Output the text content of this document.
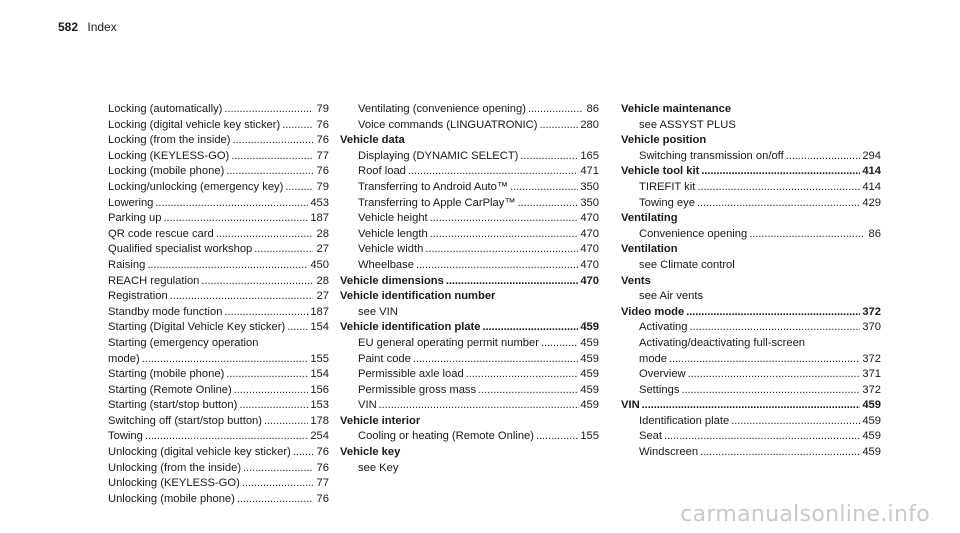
582 Index
Locking (automatically) . . .	79
Locking (digital vehicle key sticker) . . .	76
Locking (from the inside) . . .	76
Locking (KEYLESS-GO) . . .	77
Locking (mobile phone) . . .	76
Locking/unlocking (emergency key) . . .	79
Lowering . . .	453
Parking up . . .	187
QR code rescue card . . .	28
Qualified specialist workshop . . .	27
Raising . . .	450
REACH regulation . . .	28
Registration . . .	27
Standby mode function . . .	187
Starting (Digital Vehicle Key sticker) . . . 154
Starting (emergency operation
mode) . . .	155
Starting (mobile phone) . . .	154
Starting (Remote Online) . . .	156
Starting (start/stop button) . . .	153
Switching off (start/stop button) . . .	178
Towing . . .	254
Unlocking (digital vehicle key sticker) . . . 76
Unlocking (from the inside) . . .	76
Unlocking (KEYLESS-GO) . . .	77
Unlocking (mobile phone) . . .	76
Ventilating (convenience opening) . . .	86
Voice commands (LINGUATRONIC) . . .	280
Vehicle data
Displaying (DYNAMIC SELECT) . . .	165
Roof load . . .	471
Transferring to Android Auto™ . . .	350
Transferring to Apple CarPlay™ . . .	350
Vehicle height . . .	470
Vehicle length . . .	470
Vehicle width . . .	470
Wheelbase . . .	470
Vehicle dimensions . . .	470
Vehicle identification number
see VIN
Vehicle identification plate . . .	459
EU general operating permit number . . .	459
Paint code . . .	459
Permissible axle load . . .	459
Permissible gross mass . . .	459
VIN . . .	459
Vehicle interior
Cooling or heating (Remote Online) . . .	155
Vehicle key
see Key
Vehicle maintenance
see ASSYST PLUS
Vehicle position
Switching transmission on/off . . .	294
Vehicle tool kit . . .	414
TIREFIT kit . . .	414
Towing eye . . .	429
Ventilating
Convenience opening . . .	86
Ventilation
see Climate control
Vents
see Air vents
Video mode . . .	372
Activating . . .	370
Activating/deactivating full-screen
mode . . .	372
Overview . . .	371
Settings . . .	372
VIN . . .	459
Identification plate . . .	459
Seat . . .	459
Windscreen . . .	459
carmanualsonline.info
